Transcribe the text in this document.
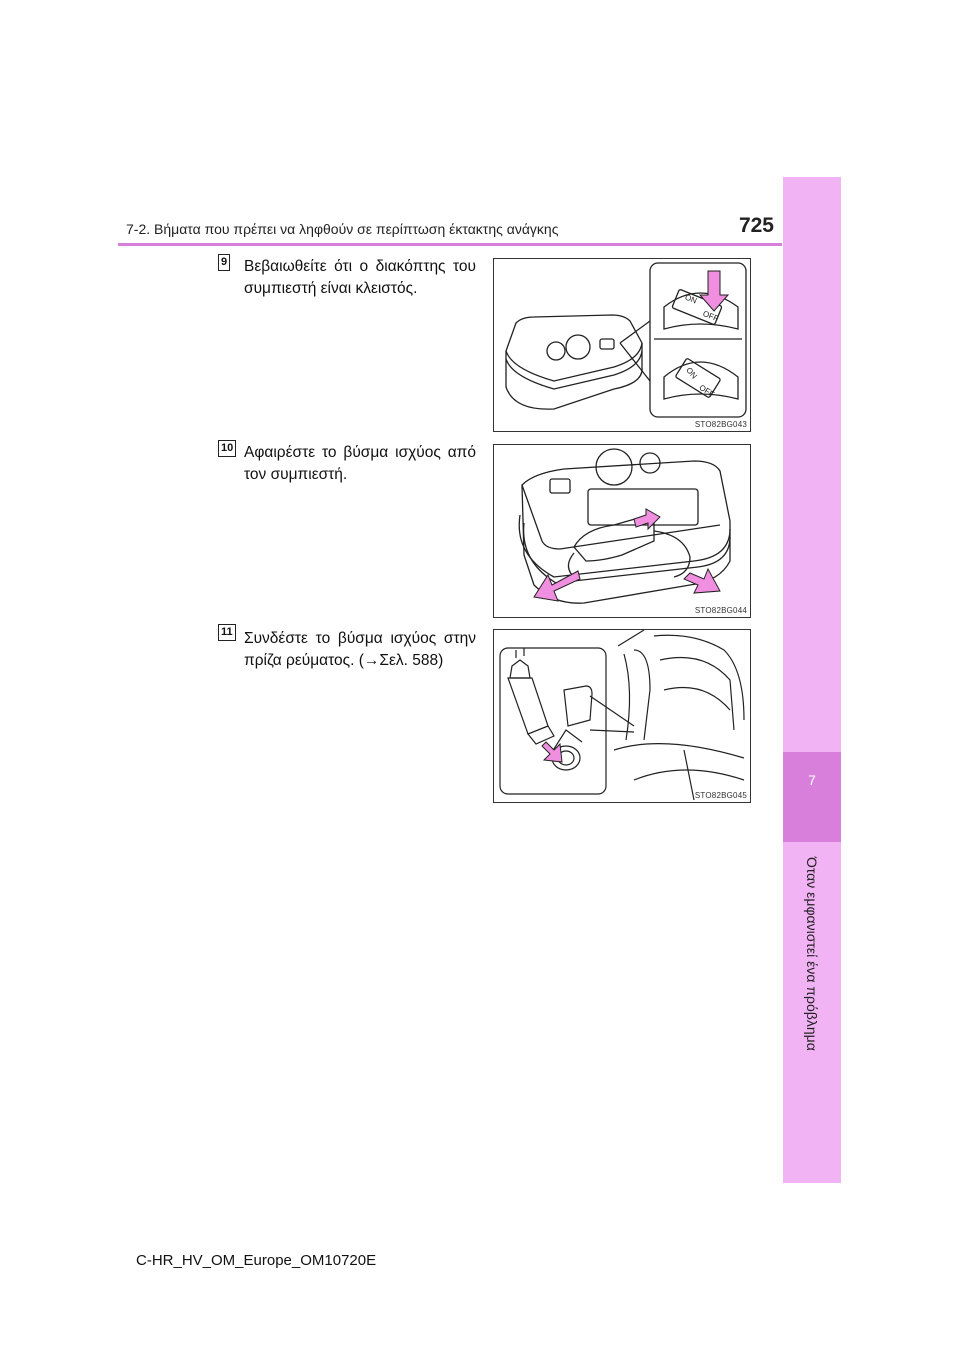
7
Όταν εμφανιστεί ένα πρόβλημα
7-2. Βήματα που πρέπει να ληφθούν σε περίπτωση έκτακτης ανάγκης	725
9 Βεβαιωθείτε ότι ο διακόπτης του συμπιεστή είναι κλειστός.
ON
OFF
ON
OFF
STO82BG043
10 Αφαιρέστε το βύσμα ισχύος από τον συμπιεστή.
STO82BG044
11 Συνδέστε το βύσμα ισχύος στην πρίζα ρεύματος. (→Σελ. 588)
STO82BG045
C-HR_HV_OM_Europe_OM10720E
